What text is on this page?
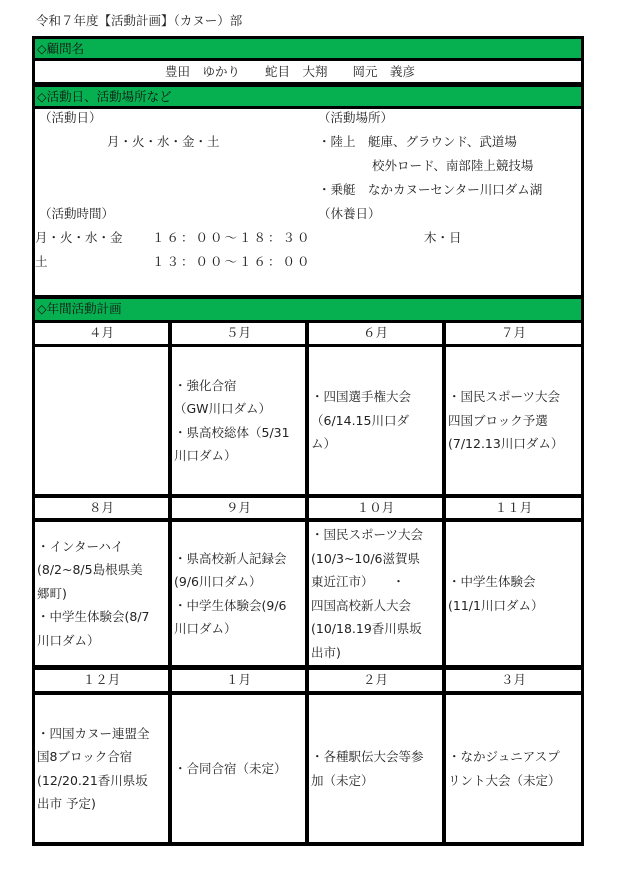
令和７年度【活動計画】（カヌー）部
◇顧問名
豊田　ゆかり　　蛇目　大翔　　岡元　義彦
◇活動日、活動場所など
（活動日）
月・火・水・金・土
（活動場所）
・陸上　艇庫、グラウンド、武道場
校外ロード、南部陸上競技場
・乗艇　なかカヌーセンター川口ダム湖
（活動時間）
月・火・水・金 １６：００～１８：３０
土	１３：００～１６：００
（休養日）
木・日
◇年間活動計画
４月	５月
・強化合宿
（GW川口ダム）
・県高校総体（5/31
川口ダム）
６月
・四国選手権大会
（6/14.15川口ダ
ム）
７月
・国民スポーツ大会
四国ブロック予選
(7/12.13川口ダム）
８月
・インターハイ
(8/2~8/5島根県美
郷町)
・中学生体験会(8/7
川口ダム）
９月
・県高校新人記録会
(9/6川口ダム）
・中学生体験会(9/6
川口ダム）
１０月
・国民スポーツ大会
(10/3~10/6滋賀県
東近江市）　　・
四国高校新人大会
(10/18.19香川県坂
出市)
１１月
・中学生体験会
(11/1川口ダム）
１２月
・四国カヌー連盟全
国8ブロック合宿
(12/20.21香川県坂
出市 予定)
１月
・合同合宿（未定）
２月
・各種駅伝大会等参
加（未定）
３月
・なかジュニアスプ
リント大会（未定）
